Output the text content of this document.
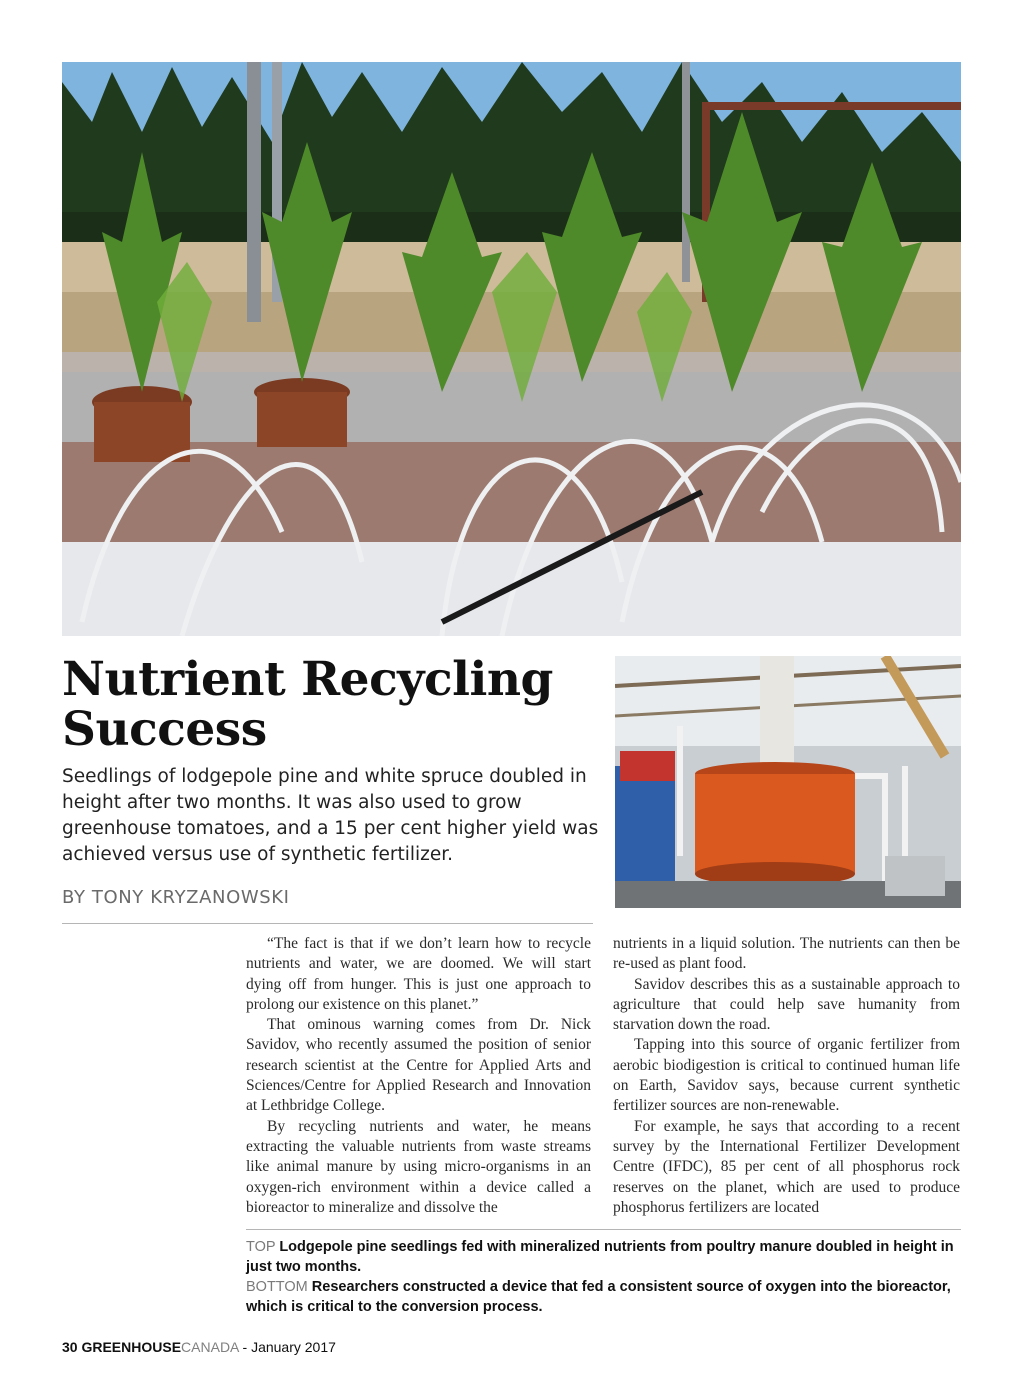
Nutrient Recycling
Success
Seedlings of lodgepole pine and white spruce doubled in height after two months. It was also used to grow greenhouse tomatoes, and a 15 per cent higher yield was achieved versus use of synthetic fertilizer.
BY TONY KRYZANOWSKI

“The fact is that if we don’t learn how to recycle nutrients and water, we are doomed. We will start dying off from hunger. This is just one approach to prolong our existence on this planet.”

That ominous warning comes from Dr. Nick Savidov, who recently assumed the position of senior research scientist at the Centre for Applied Arts and Sciences/Centre for Applied Research and Innovation at Lethbridge College.

By recycling nutrients and water, he means extracting the valuable nutrients from waste streams like animal manure by using micro-organisms in an oxygen-rich environment within a device called a bioreactor to mineralize and dissolve the

nutrients in a liquid solution. The nutrients can then be re-used as plant food.

Savidov describes this as a sustainable approach to agriculture that could help save humanity from starvation down the road.

Tapping into this source of organic fertilizer from aerobic biodigestion is critical to continued human life on Earth, Savidov says, because current synthetic fertilizer sources are non-renewable.

For example, he says that according to a recent survey by the International Fertilizer Development Centre (IFDC), 85 per cent of all phosphorus rock reserves on the planet, which are used to produce phosphorus fertilizers are located

TOP Lodgepole pine seedlings fed with mineralized nutrients from poultry manure doubled in height in just two months.
BOTTOM Researchers constructed a device that fed a consistent source of oxygen into the bioreactor, which is critical to the conversion process.
30 GREENHOUSECANADA - January 2017
